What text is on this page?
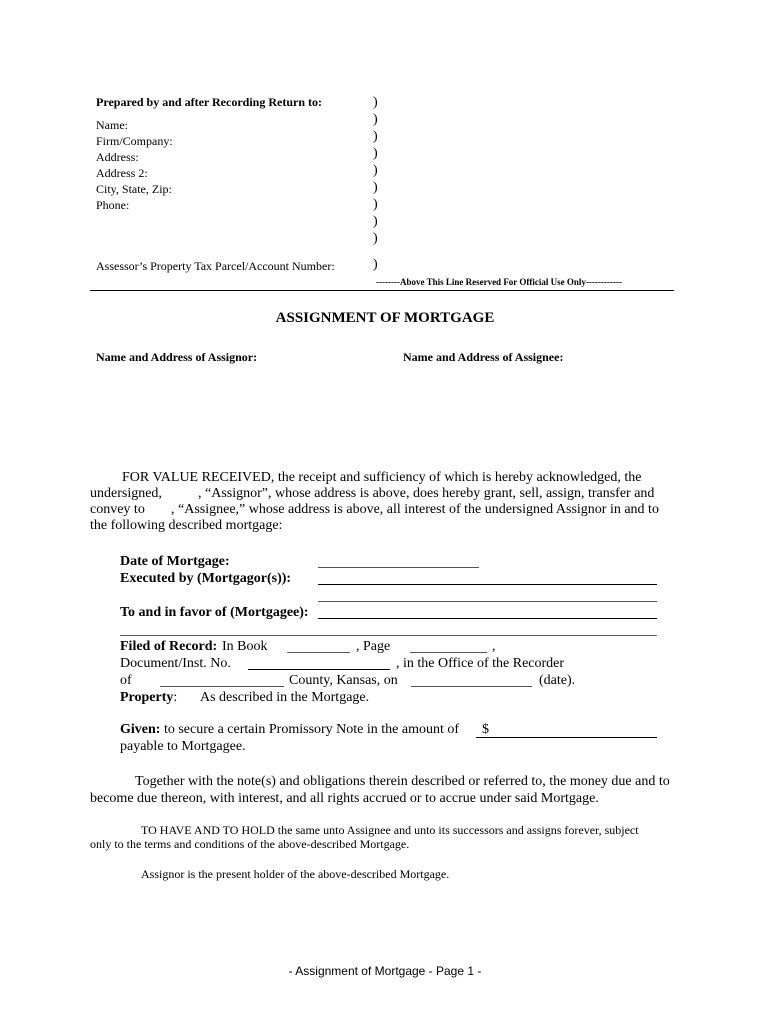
Prepared by and after Recording Return to:
Name:
Firm/Company:
Address:
Address 2:
City, State, Zip:
Phone:
Assessor’s Property Tax Parcel/Account Number:
)
)
)
)
)
)
)
)
)
)
--------Above This Line Reserved For Official Use Only------------
ASSIGNMENT OF MORTGAGE
Name and Address of Assignor:	Name and Address of Assignee:
FOR VALUE RECEIVED, the receipt and sufficiency of which is hereby acknowledged, the
undersigned,	, “Assignor”, whose address is above, does hereby grant, sell, assign, transfer and
convey to , “Assignee,” whose address is above, all interest of the undersigned Assignor in and to
the following described mortgage:
Date of Mortgage:
Executed by (Mortgagor(s)):
To and in favor of (Mortgagee):
Filed of Record: In Book	, Page	,
Document/Inst. No.	, in the Office of the Recorder
of	County, Kansas, on	(date).
Property: As described in the Mortgage.
Given: to secure a certain Promissory Note in the amount of $
payable to Mortgagee.
Together with the note(s) and obligations therein described or referred to, the money due and to
become due thereon, with interest, and all rights accrued or to accrue under said Mortgage.
TO HAVE AND TO HOLD the same unto Assignee and unto its successors and assigns forever, subject
only to the terms and conditions of the above-described Mortgage.
Assignor is the present holder of the above-described Mortgage.
- Assignment of Mortgage - Page 1 -
